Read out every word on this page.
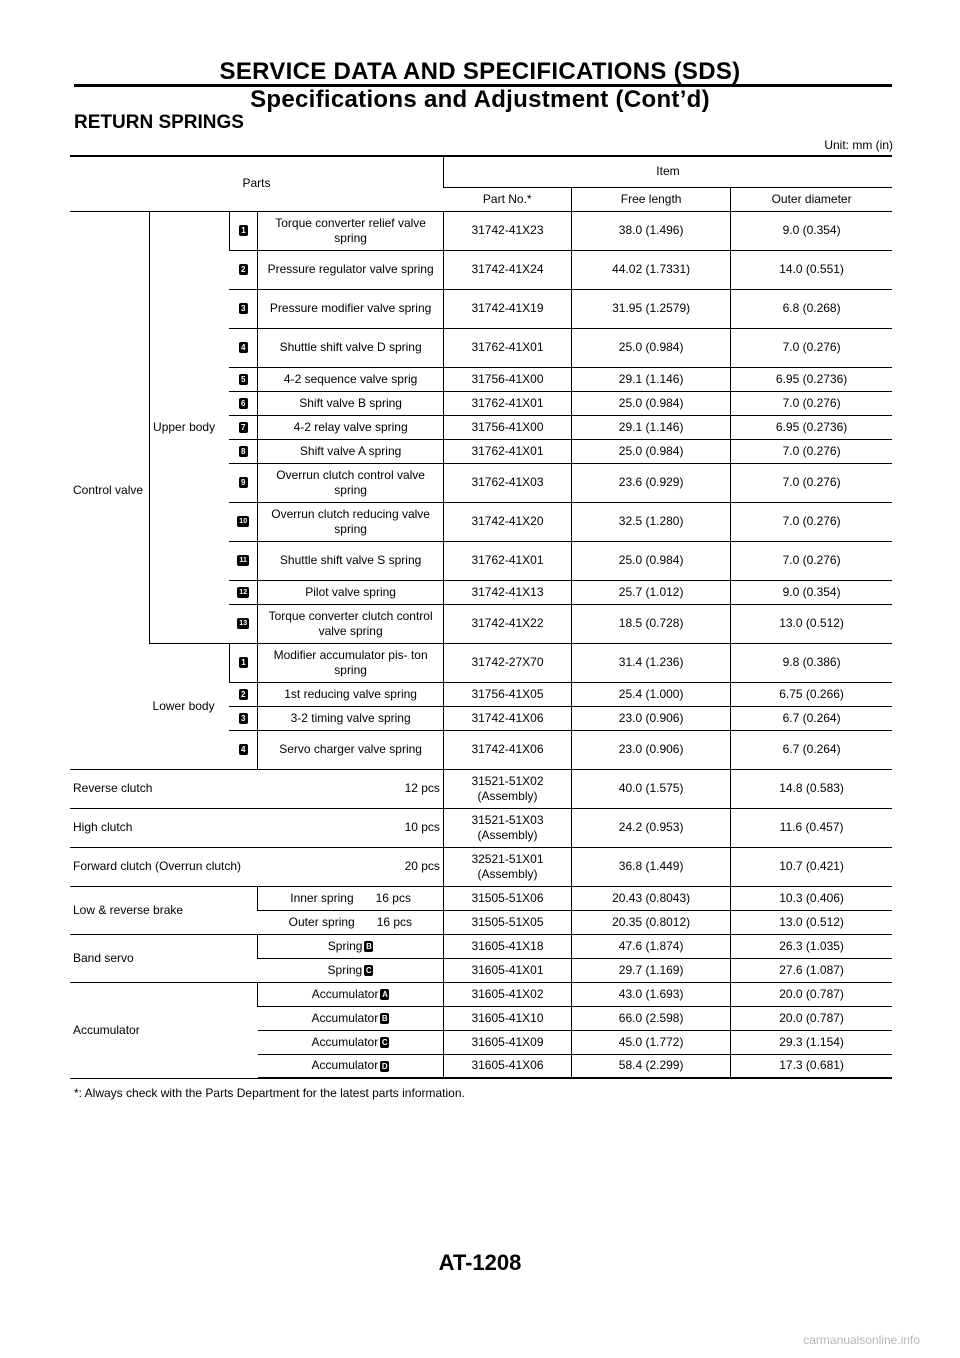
SERVICE DATA AND SPECIFICATIONS (SDS)
Specifications and Adjustment (Cont’d)
RETURN SPRINGS
Unit: mm (in)
Parts				Item		
				Part No.*	Free length	Outer diameter
Control valve	Upper body	1	Torque converter relief valve spring	31742-41X23	38.0 (1.496)	9.0 (0.354)
		2	Pressure regulator valve spring	31742-41X24	44.02 (1.7331)	14.0 (0.551)
		3	Pressure modifier valve spring	31742-41X19	31.95 (1.2579)	6.8 (0.268)
		4	Shuttle shift valve D spring	31762-41X01	25.0 (0.984)	7.0 (0.276)
		5	4-2 sequence valve sprig	31756-41X00	29.1 (1.146)	6.95 (0.2736)
		6	Shift valve B spring	31762-41X01	25.0 (0.984)	7.0 (0.276)
		7	4-2 relay valve spring	31756-41X00	29.1 (1.146)	6.95 (0.2736)
		8	Shift valve A spring	31762-41X01	25.0 (0.984)	7.0 (0.276)
		9	Overrun clutch control valve spring	31762-41X03	23.6 (0.929)	7.0 (0.276)
		10	Overrun clutch reducing valve spring	31742-41X20	32.5 (1.280)	7.0 (0.276)
		11	Shuttle shift valve S spring	31762-41X01	25.0 (0.984)	7.0 (0.276)
		12	Pilot valve spring	31742-41X13	25.7 (1.012)	9.0 (0.354)
		13	Torque converter clutch control valve spring	31742-41X22	18.5 (0.728)	13.0 (0.512)
	Lower body	1	Modifier accumulator pis- ton spring	31742-27X70	31.4 (1.236)	9.8 (0.386)
		2	1st reducing valve spring	31756-41X05	25.4 (1.000)	6.75 (0.266)
		3	3-2 timing valve spring	31742-41X06	23.0 (0.906)	6.7 (0.264)
		4	Servo charger valve spring	31742-41X06	23.0 (0.906)	6.7 (0.264)
Reverse clutch			12 pcs	31521-51X02 (Assembly)	40.0 (1.575)	14.8 (0.583)
High clutch			10 pcs	31521-51X03 (Assembly)	24.2 (0.953)	11.6 (0.457)
Forward clutch (Overrun clutch)			20 pcs	32521-51X01 (Assembly)	36.8 (1.449)	10.7 (0.421)
Low & reverse brake			Inner spring 16 pcs	31505-51X06	20.43 (0.8043)	10.3 (0.406)
			Outer spring 16 pcs	31505-51X05	20.35 (0.8012)	13.0 (0.512)
Band servo			Spring B	31605-41X18	47.6 (1.874)	26.3 (1.035)
			Spring C	31605-41X01	29.7 (1.169)	27.6 (1.087)
Accumulator			Accumulator A	31605-41X02	43.0 (1.693)	20.0 (0.787)
			Accumulator B	31605-41X10	66.0 (2.598)	20.0 (0.787)
			Accumulator C	31605-41X09	45.0 (1.772)	29.3 (1.154)
			Accumulator D	31605-41X06	58.4 (2.299)	17.3 (0.681)
*: Always check with the Parts Department for the latest parts information.
AT-1208
carmanualsonline.info
